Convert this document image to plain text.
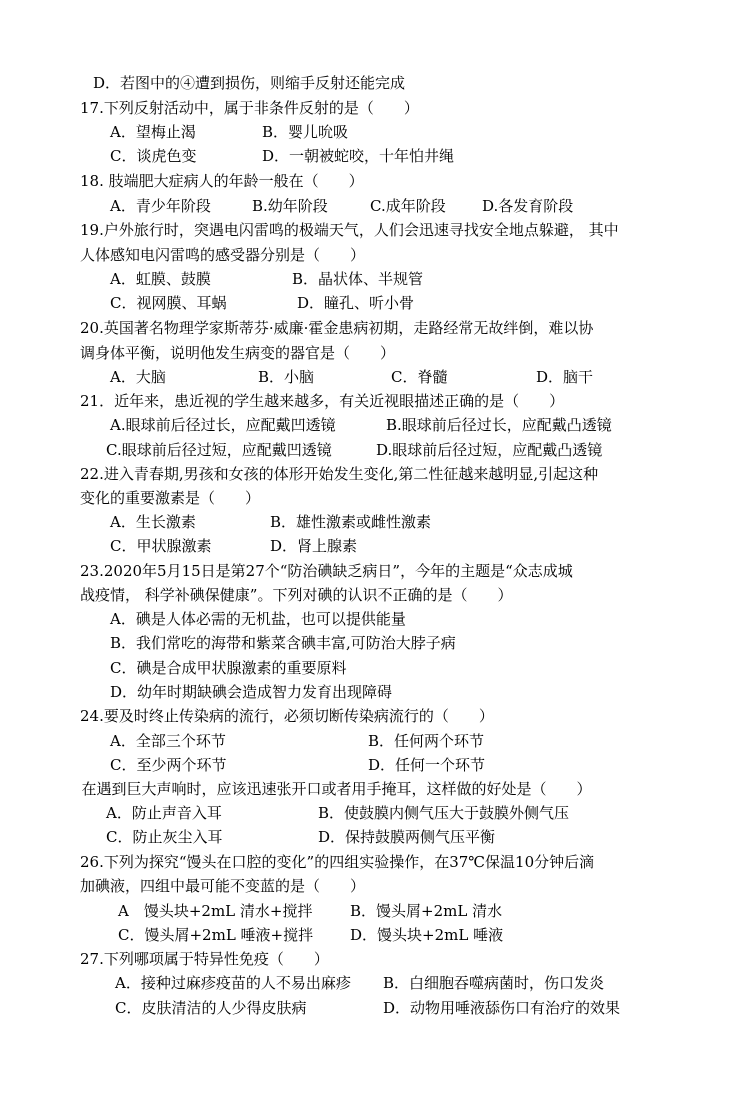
D．若图中的④遭到损伤，则缩手反射还能完成
17.下列反射活动中，属于非条件反射的是（　　）
A．望梅止渴	B．婴儿吮吸
C．谈虎色变	D．一朝被蛇咬，十年怕井绳
18. 肢端肥大症病人的年龄一般在（　　）
A．青少年阶段	B.幼年阶段	C.成年阶段 D.各发育阶段
19.户外旅行时，突遇电闪雷鸣的极端天气，人们会迅速寻找安全地点躲避， 其中
人体感知电闪雷鸣的感受器分别是（　　）
A．虹膜、鼓膜	B．晶状体、半规管
C．视网膜、耳蜗	D．瞳孔、听小骨
20.英国著名物理学家斯蒂芬·威廉·霍金患病初期，走路经常无故绊倒，难以协
调身体平衡，说明他发生病变的器官是（　　）
A．大脑	B．小脑	C．脊髓	D．脑干
21．近年来，患近视的学生越来越多，有关近视眼描述正确的是（　　）
A.眼球前后径过长，应配戴凹透镜	B.眼球前后径过长，应配戴凸透镜
C.眼球前后径过短，应配戴凹透镜	D.眼球前后径过短，应配戴凸透镜
22.进入青春期,男孩和女孩的体形开始发生变化,第二性征越来越明显,引起这种
变化的重要激素是（　　）
A．生长激素	B．雄性激素或雌性激素
C．甲状腺激素	D．肾上腺素
23.2020年5月15日是第27个“防治碘缺乏病日”，今年的主题是“众志成城
战疫情， 科学补碘保健康”。下列对碘的认识不正确的是（　　）
A．碘是人体必需的无机盐，也可以提供能量
B．我们常吃的海带和紫菜含碘丰富,可防治大脖子病
C．碘是合成甲状腺激素的重要原料
D．幼年时期缺碘会造成智力发育出现障碍
24.要及时终止传染病的流行，必须切断传染病流行的（　　）
A．全部三个环节	B．任何两个环节
C．至少两个环节	D．任何一个环节
﻿ 在遇到巨大声响时，应该迅速张开口或者用手掩耳，这样做的好处是（　　）
A．防止声音入耳	B．使鼓膜内侧气压大于鼓膜外侧气压
C．防止灰尘入耳	D．保持鼓膜两侧气压平衡
26.下列为探究“馒头在口腔的变化”的四组实验操作，在37℃保温10分钟后滴
加碘液，四组中最可能不变蓝的是（　　）
A　馒头块+2mL 清水+搅拌	B．馒头屑+2mL 清水
C．馒头屑+2mL 唾液+搅拌 D．馒头块+2mL 唾液
27.下列哪项属于特异性免疫（　　）
A．接种过麻疹疫苗的人不易出麻疹 B．白细胞吞噬病菌时，伤口发炎
C．皮肤清洁的人少得皮肤病	D．动物用唾液舔伤口有治疗的效果
